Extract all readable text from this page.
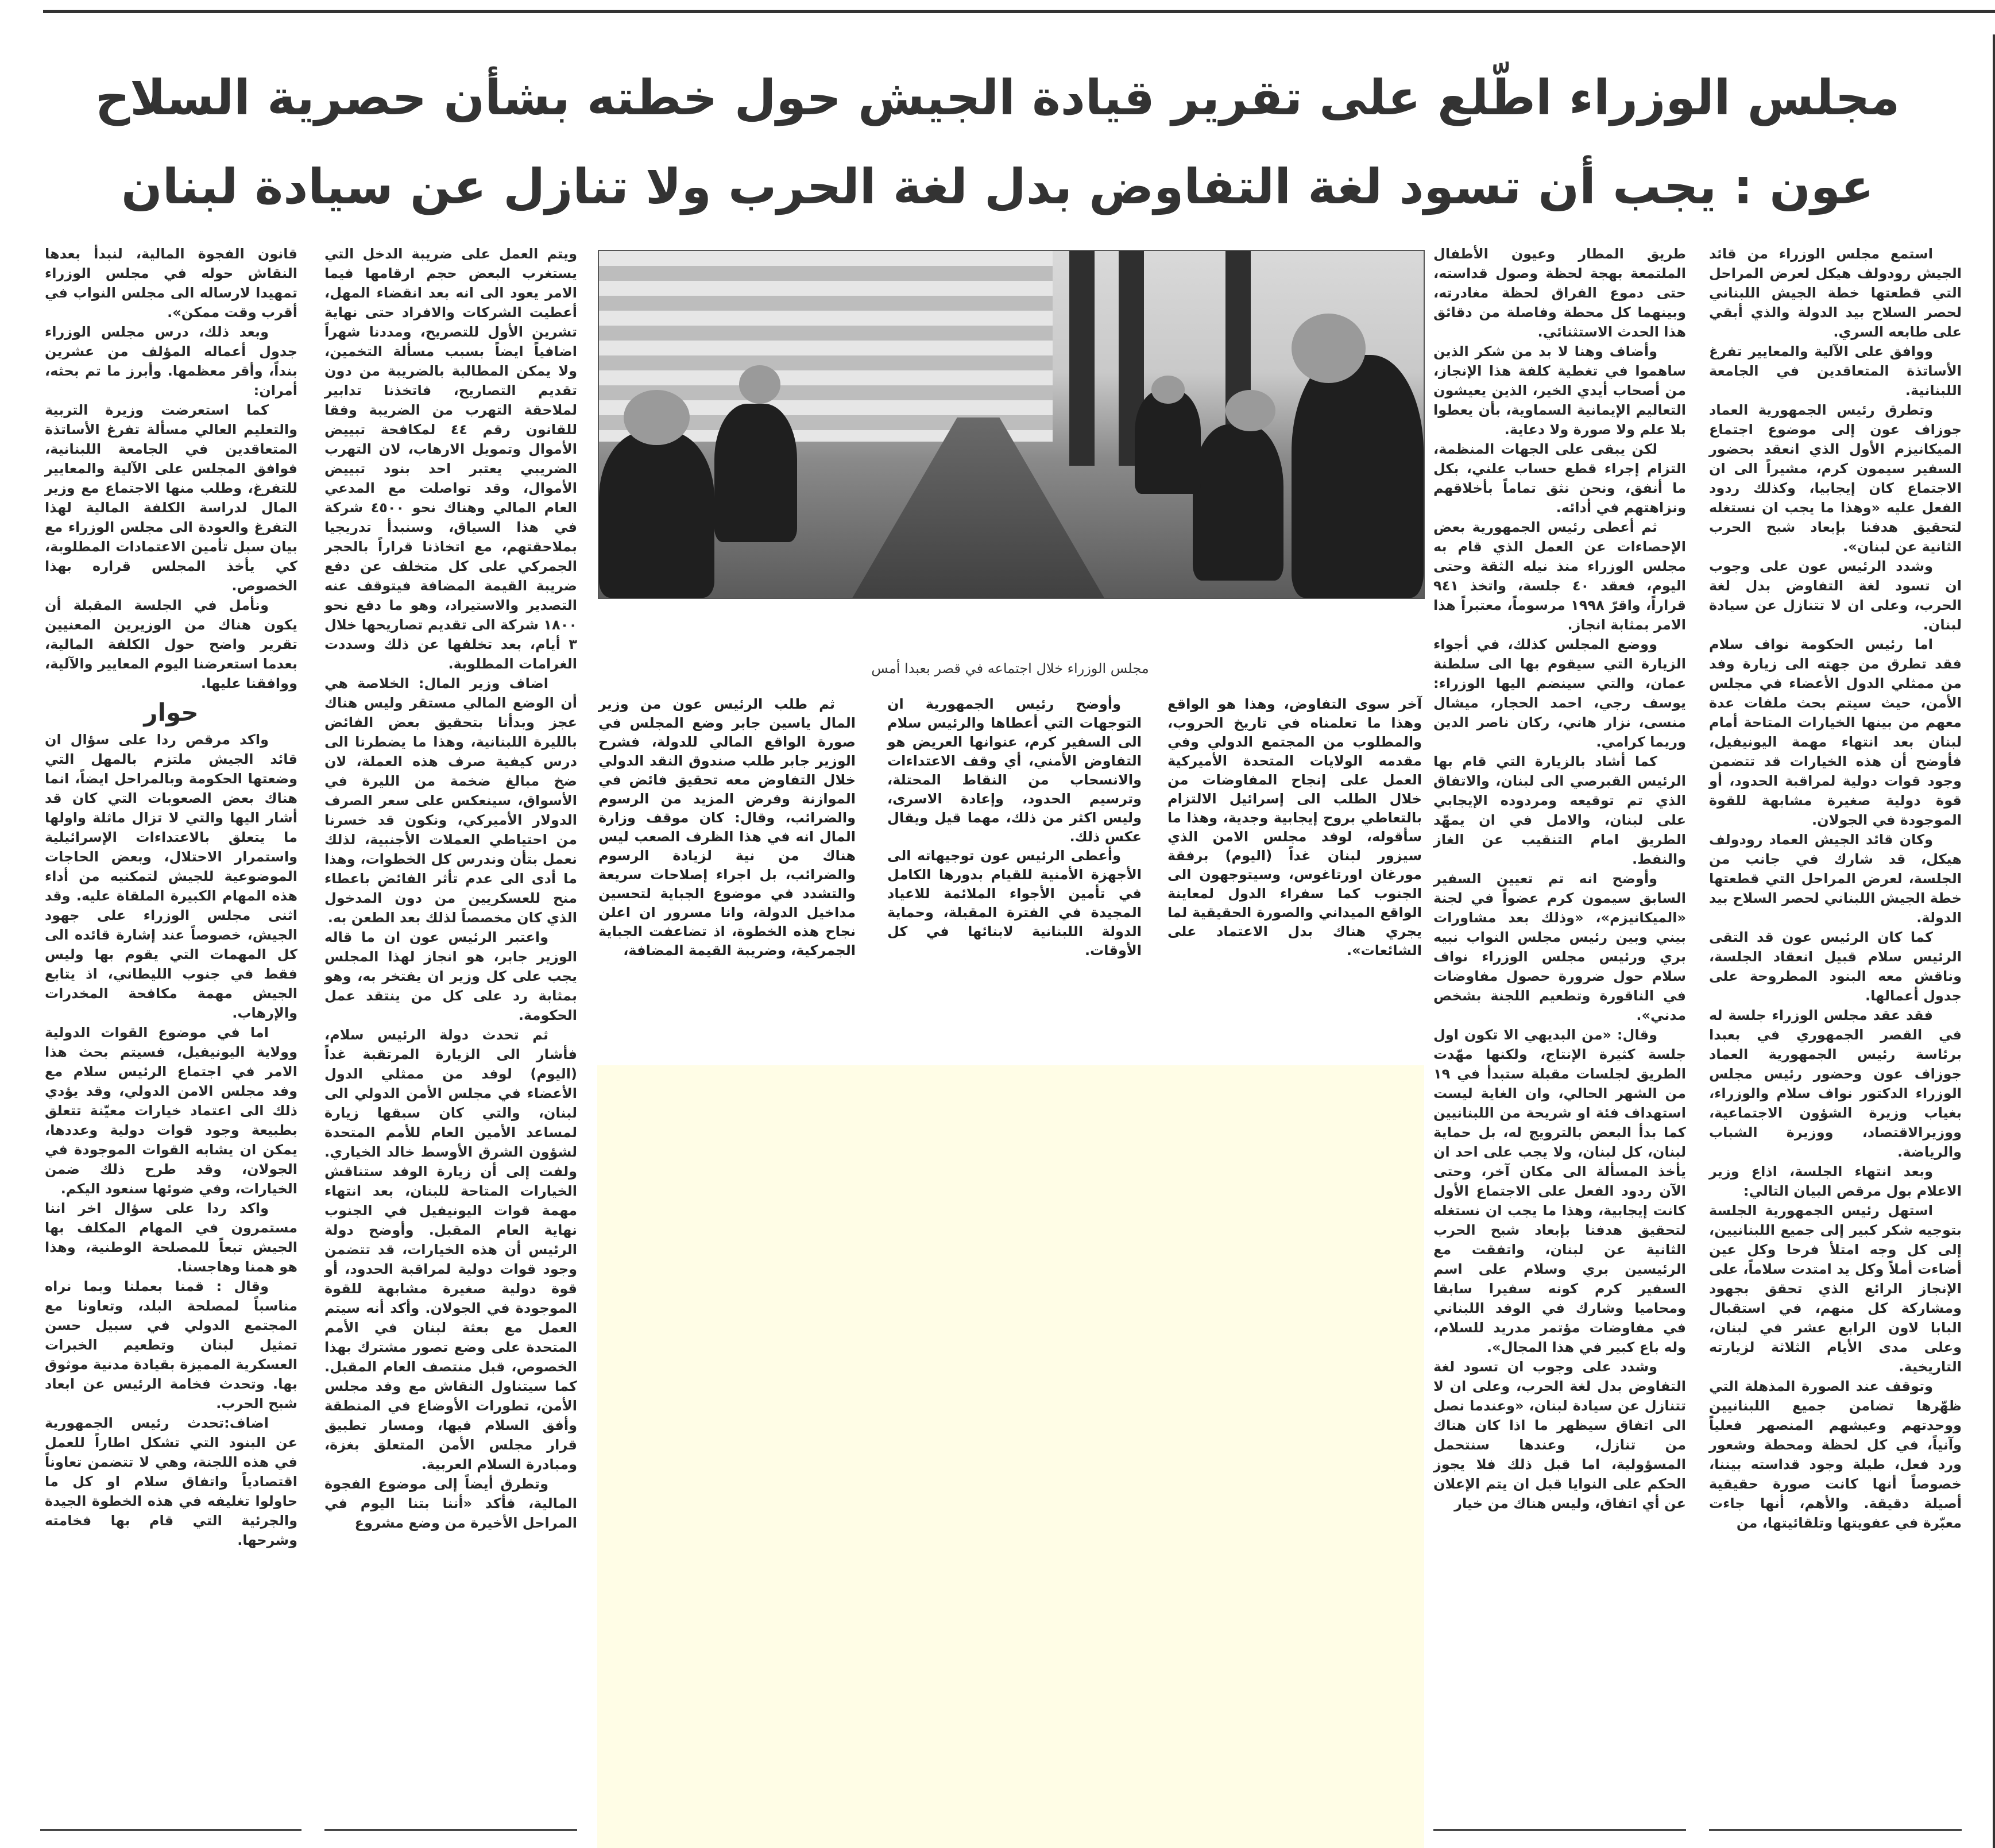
مجلس الوزراء اطّلع على تقرير قيادة الجيش حول خطته بشأن حصرية السلاح
عون : يجب أن تسود لغة التفاوض بدل لغة الحرب ولا تنازل عن سيادة لبنان

استمع مجلس الوزراء من قائد الجيش رودولف هيكل لعرض المراحل التي قطعتها خطة الجيش اللبناني لحصر السلاح بيد الدولة والذي أبقي على طابعه السري.

ووافق على الآلية والمعايير تفرغ الأساتذة المتعاقدين في الجامعة اللبنانية.

وتطرق رئيس الجمهورية العماد جوزاف عون إلى موضوع اجتماع الميكانيزم الأول الذي انعقد بحضور السفير سيمون كرم، مشيراً الى ان الاجتماع كان إيجابيا، وكذلك ردود الفعل عليه «وهذا ما يجب ان نستغله لتحقيق هدفنا بإبعاد شبح الحرب الثانية عن لبنان».

وشدد الرئيس عون على وجوب ان تسود لغة التفاوض بدل لغة الحرب، وعلى ان لا تتنازل عن سيادة لبنان.

اما رئيس الحكومة نواف سلام فقد تطرق من جهته الى زيارة وفد من ممثلي الدول الأعضاء في مجلس الأمن، حيث سيتم بحث ملفات عدة معهم من بينها الخيارات المتاحة أمام لبنان بعد انتهاء مهمة اليونيفيل، فأوضح أن هذه الخيارات قد تتضمن وجود قوات دولية لمراقبة الحدود، أو قوة دولية صغيرة مشابهة للقوة الموجودة في الجولان.

وكان قائد الجيش العماد رودولف هيكل، قد شارك في جانب من الجلسة، لعرض المراحل التي قطعتها خطة الجيش اللبناني لحصر السلاح بيد الدولة.

كما كان الرئيس عون قد التقى الرئيس سلام قبيل انعقاد الجلسة، وناقش معه البنود المطروحة على جدول أعمالها.

فقد عقد مجلس الوزراء جلسة له في القصر الجمهوري في بعبدا برئاسة رئيس الجمهورية العماد جوزاف عون وحضور رئيس مجلس الوزراء الدكتور نواف سلام والوزراء، بغياب وزيرة الشؤون الاجتماعية، ووزيرالاقتصاد، ووزيرة الشباب والرياضة.

وبعد انتهاء الجلسة، اذاع وزير الاعلام بول مرقص البيان التالي:

استهل رئيس الجمهورية الجلسة بتوجيه شكر كبير إلى جميع اللبنانيين، إلى كل وجه امتلأ فرحا وكل عين أضاءت أملاً وكل يد امتدت سلاماً، على الإنجاز الرائع الذي تحقق بجهود ومشاركة كل منهم، في استقبال البابا لاون الرابع عشر في لبنان، وعلى مدى الأيام الثلاثة لزيارته التاريخية.

وتوقف عند الصورة المذهلة التي ظهّرها تضامن جميع اللبنانيين ووحدتهم وعيشهم المنصهر فعلياً وآنياً، في كل لحظة ومحطة وشعور ورد فعل، طيلة وجود قداسته بيننا، خصوصاً أنها كانت صورة حقيقية أصيلة دقيقة. والأهم، أنها جاءت معبّرة في عفويتها وتلقائيتها، من

طريق المطار وعيون الأطفال الملتمعة بهجة لحظة وصول قداسته، حتى دموع الفراق لحظة مغادرته، وبينهما كل محطة وفاصلة من دقائق هذا الحدث الاستثنائي.

وأضاف وهنا لا بد من شكر الذين ساهموا في تغطية كلفة هذا الإنجاز، من أصحاب أيدي الخير، الذين يعيشون التعاليم الإيمانية السماوية، بأن يعطوا بلا علم ولا صورة ولا دعاية.

لكن يبقى على الجهات المنظمة، التزام إجراء قطع حساب علني، بكل ما أنفق، ونحن نثق تماماً بأخلاقهم ونزاهتهم في أدائه.

ثم أعطى رئيس الجمهورية بعض الإحصاءات عن العمل الذي قام به مجلس الوزراء منذ نيله الثقة وحتى اليوم، فعقد ٤٠ جلسة، واتخذ ٩٤١ قراراً، واقرّ ١٩٩٨ مرسوماً، معتبراً هذا الامر بمثابة انجاز.

ووضع المجلس كذلك، في أجواء الزيارة التي سيقوم بها الى سلطنة عمان، والتي سينضم اليها الوزراء: يوسف رجي، احمد الحجار، ميشال منسى، نزار هاني، ركان ناصر الدين وريما كرامي.

كما أشاد بالزيارة التي قام بها الرئيس القبرصي الى لبنان، والاتفاق الذي تم توقيعه ومردوده الإيجابي على لبنان، والامل في ان يمهّد الطريق امام التنقيب عن الغاز والنفط.

وأوضح انه تم تعيين السفير السابق سيمون كرم عضواً في لجنة «الميكانيزم»، «وذلك بعد مشاورات بيني وبين رئيس مجلس النواب نبيه بري ورئيس مجلس الوزراء نواف سلام حول ضرورة حصول مفاوضات في الناقورة وتطعيم اللجنة بشخص مدني».

وقال: «من البديهي الا تكون اول جلسة كثيرة الإنتاج، ولكنها مهّدت الطريق لجلسات مقبلة ستبدأ في ١٩ من الشهر الحالي، وان الغاية ليست استهداف فئة او شريحة من اللبنانيين كما بدأ البعض بالترويج له، بل حماية لبنان، كل لبنان، ولا يجب على احد ان يأخذ المسألة الى مكان آخر، وحتى الآن ردود الفعل على الاجتماع الأول كانت إيجابية، وهذا ما يجب ان نستغله لتحقيق هدفنا بإبعاد شبح الحرب الثانية عن لبنان، واتفقت مع الرئيسين بري وسلام على اسم السفير كرم كونه سفيرا سابقا ومحاميا وشارك في الوفد اللبناني في مفاوضات مؤتمر مدريد للسلام، وله باع كبير في هذا المجال».

وشدد على وجوب ان تسود لغة التفاوض بدل لغة الحرب، وعلى ان لا تتنازل عن سيادة لبنان، «وعندما نصل الى اتفاق سيظهر ما اذا كان هناك من تنازل، وعندها سنتحمل المسؤولية، اما قبل ذلك فلا يجوز الحكم على النوايا قبل ان يتم الإعلان عن أي اتفاق، وليس هناك من خيار

مجلس الوزراء خلال اجتماعه في قصر بعبدا أمس

آخر سوى التفاوض، وهذا هو الواقع وهذا ما تعلمناه في تاريخ الحروب، والمطلوب من المجتمع الدولي وفي مقدمه الولايات المتحدة الأميركية العمل على إنجاح المفاوضات من خلال الطلب الى إسرائيل الالتزام بالتعاطي بروح إيجابية وجدية، وهذا ما سأقوله، لوفد مجلس الامن الذي سيزور لبنان غداً (اليوم) برفقة مورغان اورتاغوس، وسيتوجهون الى الجنوب كما سفراء الدول لمعاينة الواقع الميداني والصورة الحقيقية لما يجري هناك بدل الاعتماد على الشائعات».

وأوضح رئيس الجمهورية ان التوجهات التي أعطاها والرئيس سلام الى السفير كرم، عنوانها العريض هو التفاوض الأمني، أي وقف الاعتداءات والانسحاب من النقاط المحتلة، وترسيم الحدود، وإعادة الاسرى، وليس اكثر من ذلك، مهما قيل ويقال عكس ذلك.

وأعطى الرئيس عون توجيهاته الى الأجهزة الأمنية للقيام بدورها الكامل في تأمين الأجواء الملائمة للاعياد المجيدة في الفترة المقبلة، وحماية الدولة اللبنانية لابنائها في كل الأوقات.

ثم طلب الرئيس عون من وزير المال ياسين جابر وضع المجلس في صورة الواقع المالي للدولة، فشرح الوزير جابر طلب صندوق النقد الدولي خلال التفاوض معه تحقيق فائض في الموازنة وفرض المزيد من الرسوم والضرائب، وقال: كان موقف وزارة المال انه في هذا الظرف الصعب ليس هناك من نية لزيادة الرسوم والضرائب، بل اجراء إصلاحات سريعة والتشدد في موضوع الجباية لتحسين مداخيل الدولة، وانا مسرور ان اعلن نجاح هذه الخطوة، اذ تضاعفت الجباية الجمركية، وضريبة القيمة المضافة،

ويتم العمل على ضريبة الدخل التي يستغرب البعض حجم ارقامها فيما الامر يعود الى انه بعد انقضاء المهل، أعطيت الشركات والافراد حتى نهاية تشرين الأول للتصريح، ومددنا شهراً اضافياً ايضاً بسبب مسألة التخمين، ولا يمكن المطالبة بالضريبة من دون تقديم التصاريح، فاتخذنا تدابير لملاحقة التهرب من الضريبة وفقا للقانون رقم ٤٤ لمكافحة تبييض الأموال وتمويل الارهاب، لان التهرب الضريبي يعتبر احد بنود تبييض الأموال، وقد تواصلت مع المدعي العام المالي وهناك نحو ٤٥٠٠ شركة في هذا السياق، وسنبدأ تدريجيا بملاحقتهم، مع اتخاذنا قراراً بالحجر الجمركي على كل متخلف عن دفع ضريبة القيمة المضافة فيتوقف عنه التصدير والاستيراد، وهو ما دفع نحو ١٨٠٠ شركة الى تقديم تصاريحها خلال ٣ أيام، بعد تخلفها عن ذلك وسددت الغرامات المطلوبة.

اضاف وزير المال: الخلاصة هي أن الوضع المالي مستقر وليس هناك عجز وبدأنا بتحقيق بعض الفائض بالليرة اللبنانية، وهذا ما يضطرنا الى درس كيفية صرف هذه العملة، لان ضخ مبالغ ضخمة من الليرة في الأسواق، سينعكس على سعر الصرف الدولار الأميركي، ونكون قد خسرنا من احتياطي العملات الأجنبية، لذلك نعمل بتأن وندرس كل الخطوات، وهذا ما أدى الى عدم تأثر الفائض باعطاء منح للعسكريين من دون المدخول الذي كان مخصصاً لذلك بعد الطعن به.

واعتبر الرئيس عون ان ما قاله الوزير جابر، هو انجاز لهذا المجلس يجب على كل وزير ان يفتخر به، وهو بمثابة رد على كل من ينتقد عمل الحكومة.

ثم تحدث دولة الرئيس سلام، فأشار الى الزيارة المرتقبة غداً (اليوم) لوفد من ممثلي الدول الأعضاء في مجلس الأمن الدولي الى لبنان، والتي كان سبقها زيارة لمساعد الأمين العام للأمم المتحدة لشؤون الشرق الأوسط خالد الخياري. ولفت إلى أن زيارة الوفد ستناقش الخيارات المتاحة للبنان، بعد انتهاء مهمة قوات اليونيفيل في الجنوب نهاية العام المقبل. وأوضح دولة الرئيس أن هذه الخيارات، قد تتضمن وجود قوات دولية لمراقبة الحدود، أو قوة دولية صغيرة مشابهة للقوة الموجودة في الجولان. وأكد أنه سيتم العمل مع بعثة لبنان في الأمم المتحدة على وضع تصور مشترك بهذا الخصوص، قبل منتصف العام المقبل. كما سيتناول النقاش مع وفد مجلس الأمن، تطورات الأوضاع في المنطقة وأفق السلام فيها، ومسار تطبيق قرار مجلس الأمن المتعلق بغزة، ومبادرة السلام العربية.

وتطرق أيضاً إلى موضوع الفجوة المالية، فأكد «أننا بتنا اليوم في المراحل الأخيرة من وضع مشروع

قانون الفجوة المالية، لنبدأ بعدها النقاش حوله في مجلس الوزراء تمهيدا لارساله الى مجلس النواب في أقرب وقت ممكن».

وبعد ذلك، درس مجلس الوزراء جدول أعماله المؤلف من عشرين بنداً، وأقر معظمها. وأبرز ما تم بحثه، أمران:

كما استعرضت وزيرة التربية والتعليم العالي مسألة تفرغ الأساتذة المتعاقدين في الجامعة اللبنانية، فوافق المجلس على الآلية والمعايير للتفرغ، وطلب منها الاجتماع مع وزير المال لدراسة الكلفة المالية لهذا التفرغ والعودة الى مجلس الوزراء مع بيان سبل تأمين الاعتمادات المطلوبة، كي يأخذ المجلس قراره بهذا الخصوص.

ونأمل في الجلسة المقبلة أن يكون هناك من الوزيرين المعنيين تقرير واضح حول الكلفة المالية، بعدما استعرضنا اليوم المعايير والآلية، ووافقنا عليها.

حوار

واكد مرقص ردا على سؤال ان قائد الجيش ملتزم بالمهل التي وضعتها الحكومة وبالمراحل ايضاً، انما هناك بعض الصعوبات التي كان قد أشار اليها والتي لا تزال ماثلة واولها ما يتعلق بالاعتداءات الإسرائيلية واستمرار الاحتلال، وبعض الحاجات الموضوعية للجيش لتمكنيه من أداء هذه المهام الكبيرة الملقاة عليه. وقد اثنى مجلس الوزراء على جهود الجيش، خصوصاً عند إشارة قائده الى كل المهمات التي يقوم بها وليس فقط في جنوب الليطاني، اذ يتابع الجيش مهمة مكافحة المخدرات والإرهاب.

اما في موضوع القوات الدولية وولاية اليونيفيل، فسيتم بحث هذا الامر في اجتماع الرئيس سلام مع وفد مجلس الامن الدولي، وقد يؤدي ذلك الى اعتماد خيارات معيّنة تتعلق بطبيعة وجود قوات دولية وعددها، يمكن ان يشابه القوات الموجودة في الجولان، وقد طرح ذلك ضمن الخيارات، وفي ضوئها سنعود اليكم.

واكد ردا على سؤال اخر اننا مستمرون في المهام المكلف بها الجيش تبعاً للمصلحة الوطنية، وهذا هو همنا وهاجسنا.

وقال : قمنا بعملنا وبما نراه مناسباً لمصلحة البلد، وتعاونا مع المجتمع الدولي في سبيل حسن تمثيل لبنان وتطعيم الخبرات العسكرية المميزة بقيادة مدنية موثوق بها. وتحدث فخامة الرئيس عن ابعاد شبح الحرب.

اضاف:تحدث رئيس الجمهورية عن البنود التي تشكل اطاراً للعمل في هذه اللجنة، وهي لا تتضمن تعاوناً اقتصادياً واتفاق سلام او كل ما حاولوا تغليفه في هذه الخطوة الجيدة والجرئية التي قام بها فخامته وشرحها.
